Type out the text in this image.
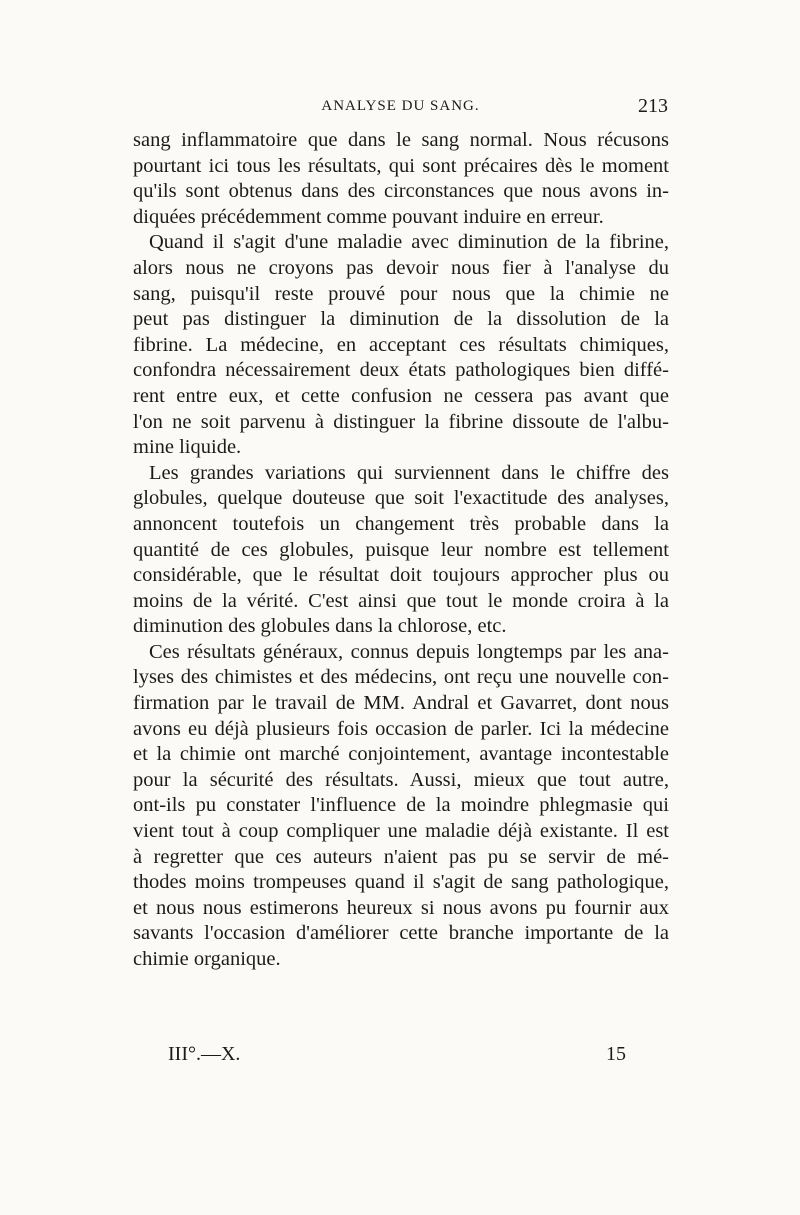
ANALYSE DU SANG.	213
sang inflammatoire que dans le sang normal. Nous récusons
pourtant ici tous les résultats, qui sont précaires dès le moment
qu'ils sont obtenus dans des circonstances que nous avons in-
diquées précédemment comme pouvant induire en erreur.
Quand il s'agit d'une maladie avec diminution de la fibrine,
alors nous ne croyons pas devoir nous fier à l'analyse du
sang, puisqu'il reste prouvé pour nous que la chimie ne
peut pas distinguer la diminution de la dissolution de la
fibrine. La médecine, en acceptant ces résultats chimiques,
confondra nécessairement deux états pathologiques bien diffé-
rent entre eux, et cette confusion ne cessera pas avant que
l'on ne soit parvenu à distinguer la fibrine dissoute de l'albu-
mine liquide.
Les grandes variations qui surviennent dans le chiffre des
globules, quelque douteuse que soit l'exactitude des analyses,
annoncent toutefois un changement très probable dans la
quantité de ces globules, puisque leur nombre est tellement
considérable, que le résultat doit toujours approcher plus ou
moins de la vérité. C'est ainsi que tout le monde croira à la
diminution des globules dans la chlorose, etc.
Ces résultats généraux, connus depuis longtemps par les ana-
lyses des chimistes et des médecins, ont reçu une nouvelle con-
firmation par le travail de MM. Andral et Gavarret, dont nous
avons eu déjà plusieurs fois occasion de parler. Ici la médecine
et la chimie ont marché conjointement, avantage incontestable
pour la sécurité des résultats. Aussi, mieux que tout autre,
ont-ils pu constater l'influence de la moindre phlegmasie qui
vient tout à coup compliquer une maladie déjà existante. Il est
à regretter que ces auteurs n'aient pas pu se servir de mé-
thodes moins trompeuses quand il s'agit de sang pathologique,
et nous nous estimerons heureux si nous avons pu fournir aux
savants l'occasion d'améliorer cette branche importante de la
chimie organique.
III°.—X.	15
